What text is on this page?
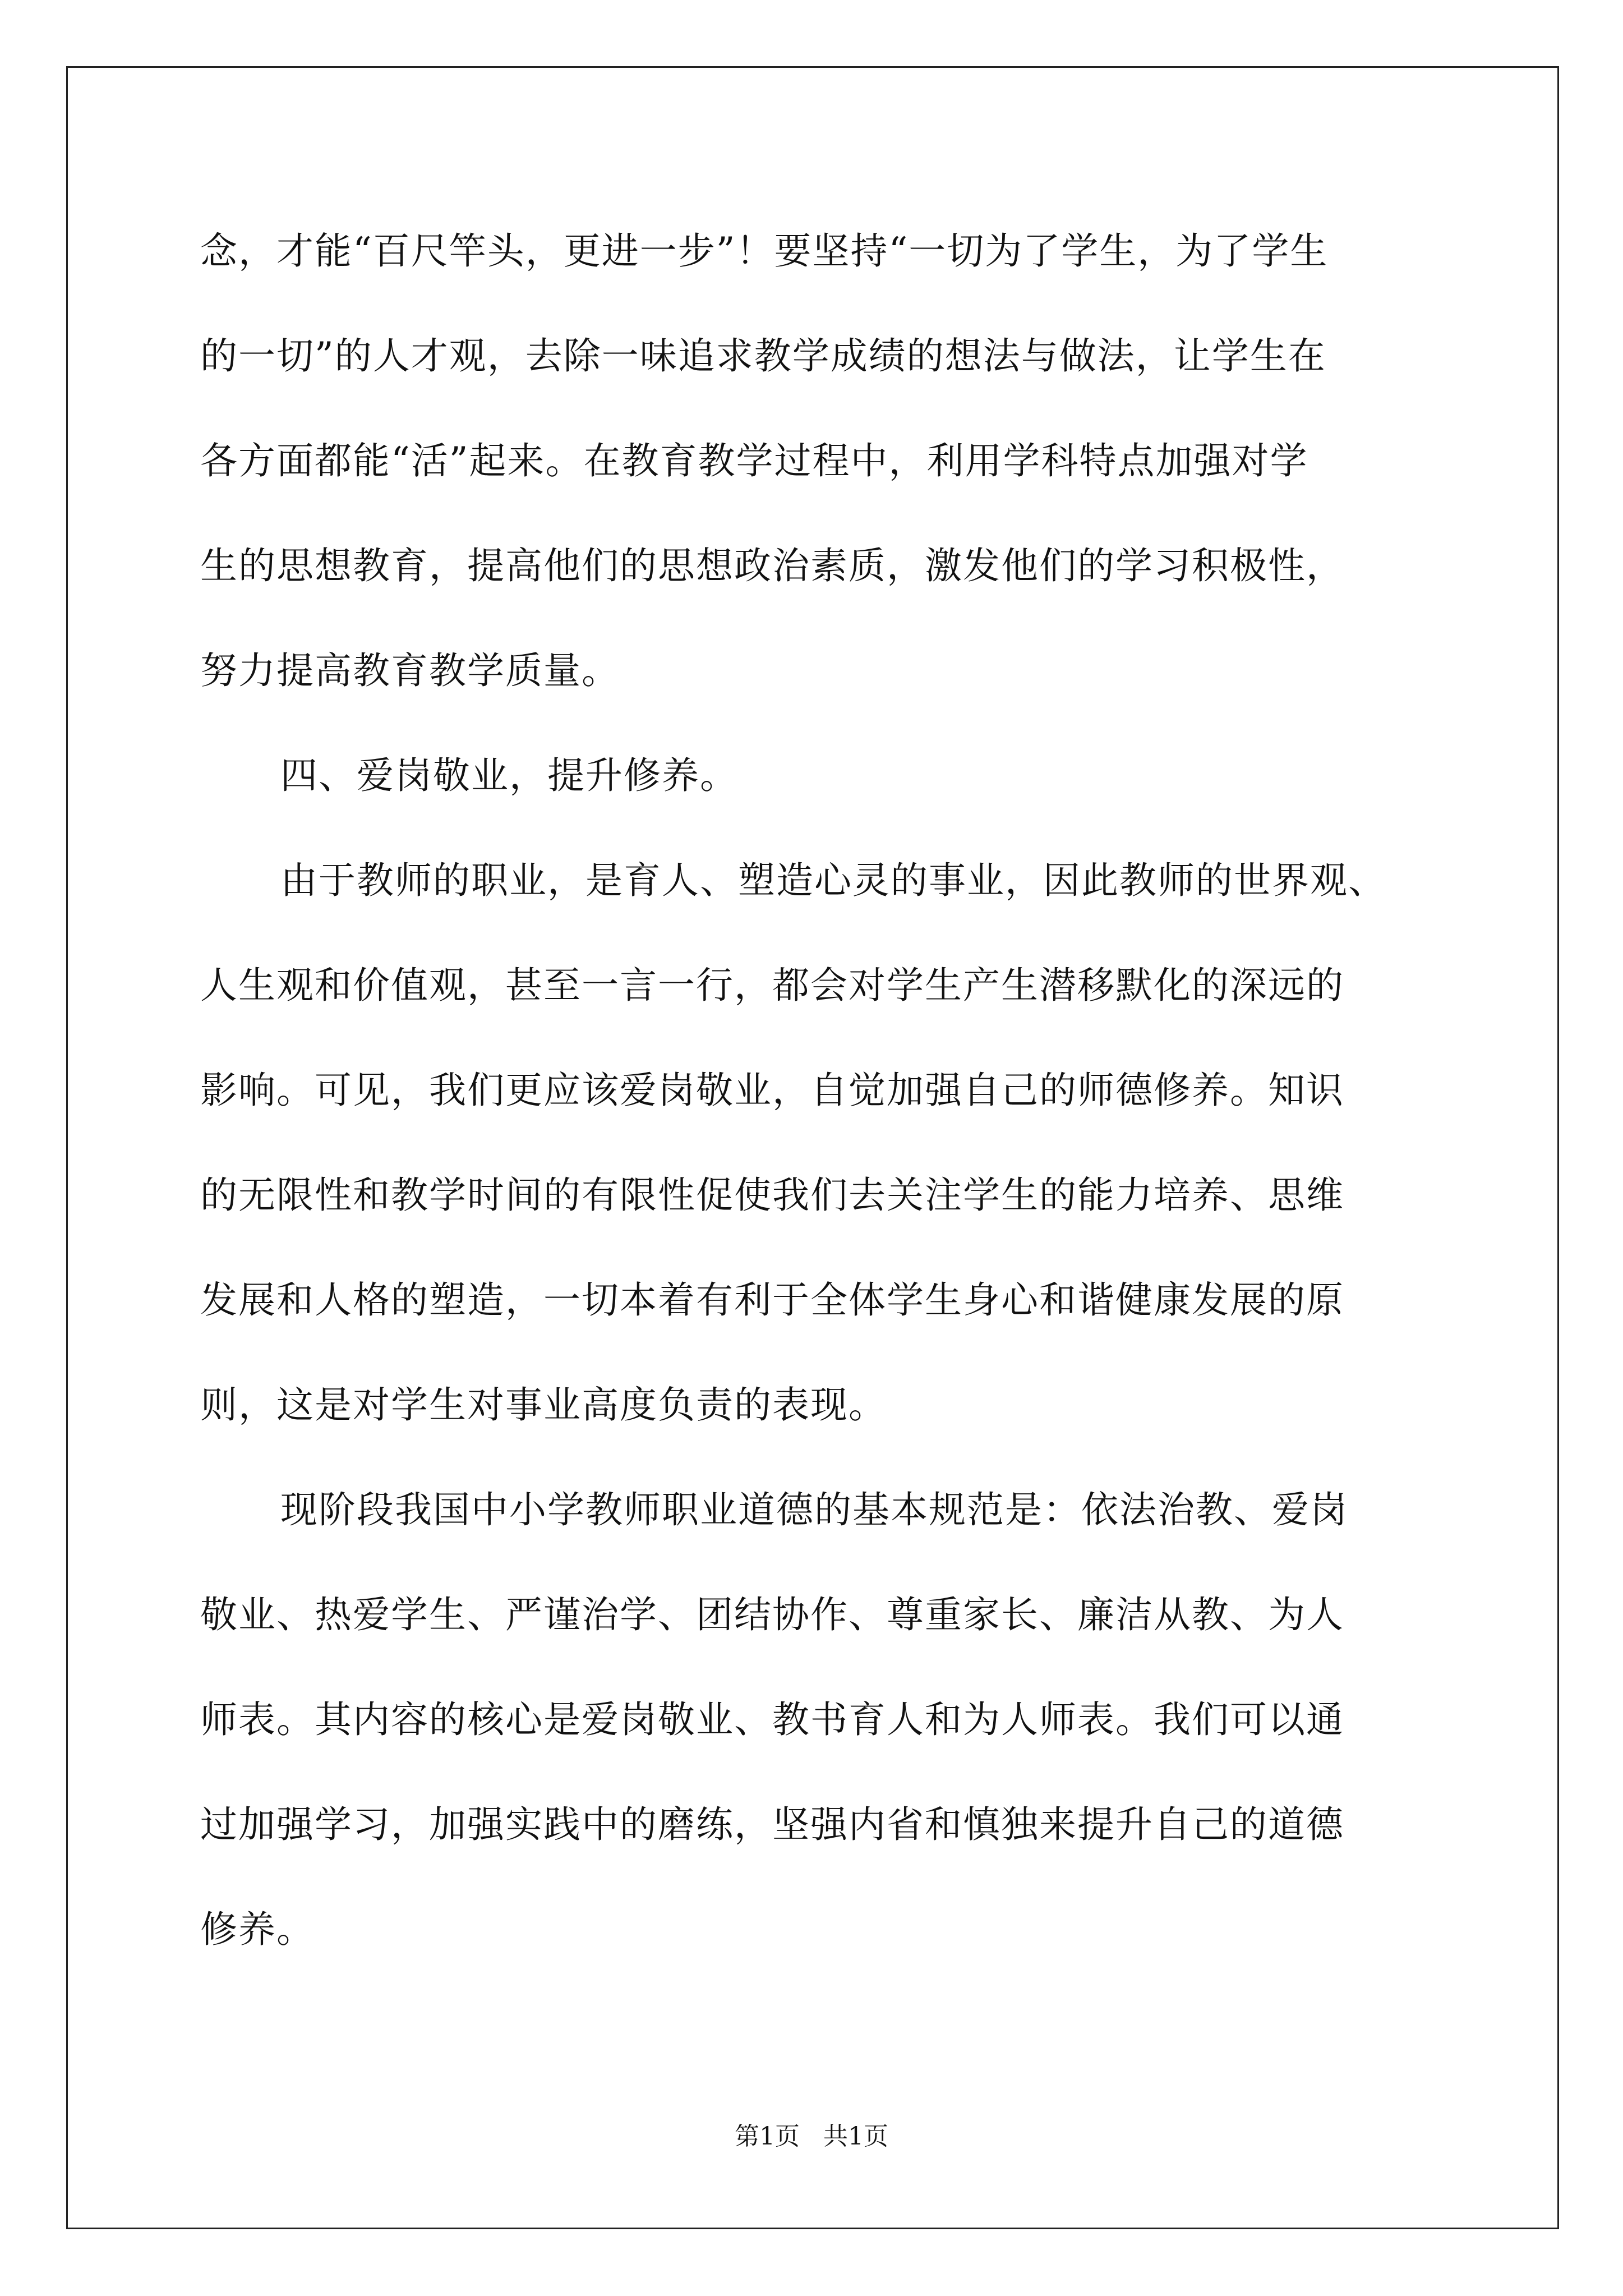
念，才能“百尺竿头，更进一步”！要坚持“一切为了学生，为了学生
的一切”的人才观，去除一味追求教学成绩的想法与做法，让学生在
各方面都能“活”起来。在教育教学过程中，利用学科特点加强对学
生的思想教育，提高他们的思想政治素质，激发他们的学习积极性，
努力提高教育教学质量。
四、爱岗敬业，提升修养。
由于教师的职业，是育人、塑造心灵的事业，因此教师的世界观、
人生观和价值观，甚至一言一行，都会对学生产生潜移默化的深远的
影响。可见，我们更应该爱岗敬业，自觉加强自己的师德修养。知识
的无限性和教学时间的有限性促使我们去关注学生的能力培养、思维
发展和人格的塑造，一切本着有利于全体学生身心和谐健康发展的原
则，这是对学生对事业高度负责的表现。
现阶段我国中小学教师职业道德的基本规范是：依法治教、爱岗
敬业、热爱学生、严谨治学、团结协作、尊重家长、廉洁从教、为人
师表。其内容的核心是爱岗敬业、教书育人和为人师表。我们可以通
过加强学习，加强实践中的磨练，坚强内省和慎独来提升自己的道德
修养。
第1页   共1页
